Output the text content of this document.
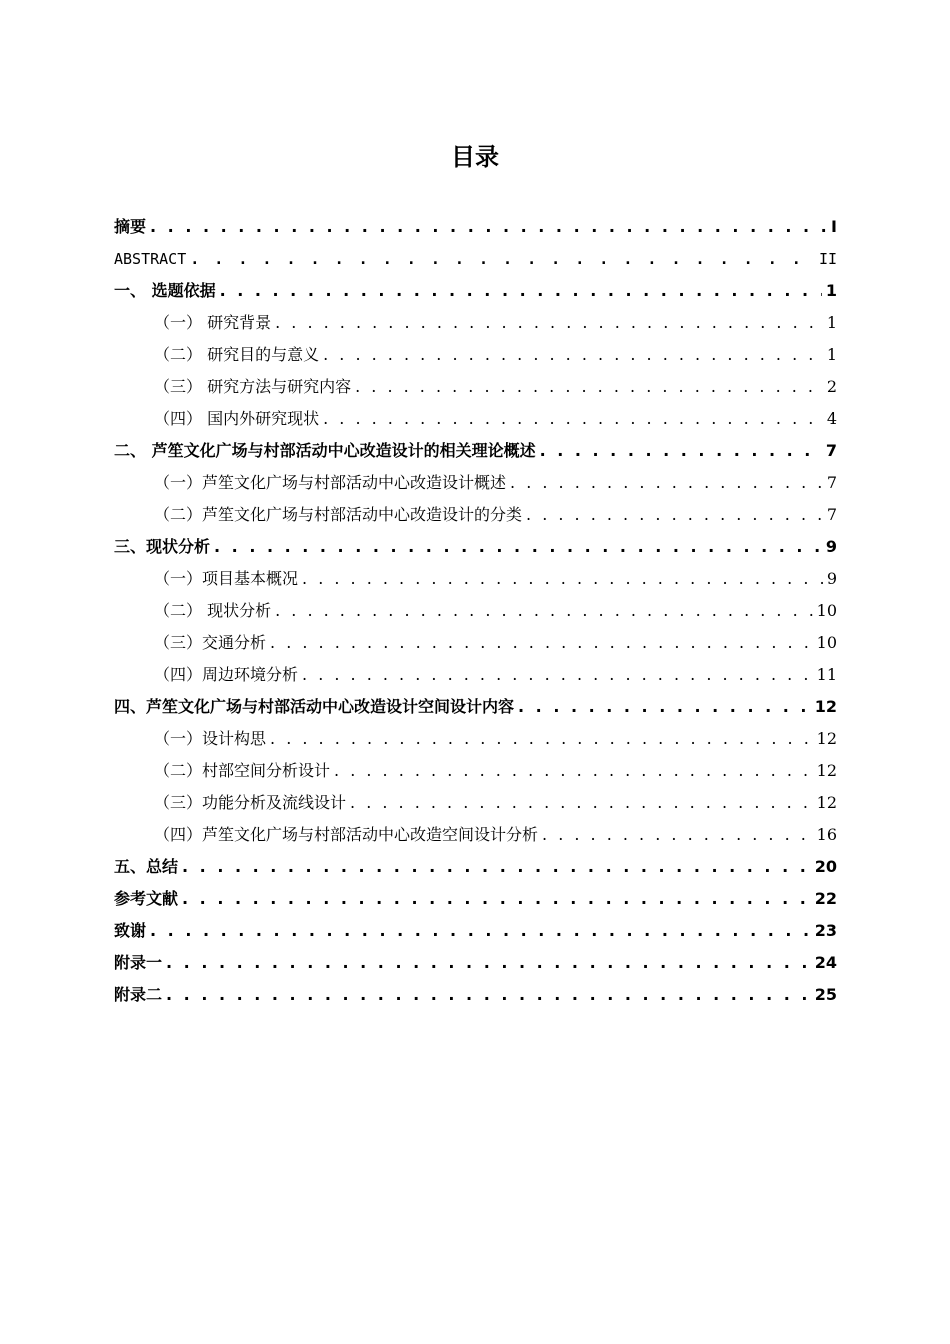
目录
摘要 . . .	I
ABSTRACT . . .	II
一、 选题依据 . . .	1
（一） 研究背景 . . .	1
（二） 研究目的与意义 . . .	1
（三） 研究方法与研究内容 . . .	2
（四） 国内外研究现状 . . .	4
二、 芦笙文化广场与村部活动中心改造设计的相关理论概述 . . .	7
（一）芦笙文化广场与村部活动中心改造设计概述 . . .	7
（二）芦笙文化广场与村部活动中心改造设计的分类 . . .	7
三、现状分析 . . .	9
（一）项目基本概况 . . .	9
（二） 现状分析 . . .	10
（三）交通分析 . . .	10
（四）周边环境分析 . . .	11
四、芦笙文化广场与村部活动中心改造设计空间设计内容 . . .	12
（一）设计构思 . . .	12
（二）村部空间分析设计 . . .	12
（三）功能分析及流线设计 . . .	12
（四）芦笙文化广场与村部活动中心改造空间设计分析 . . .	16
五、总结 . . .	20
参考文献 . . .	22
致谢 . . .	23
附录一 . . .	24
附录二 . . .	25
